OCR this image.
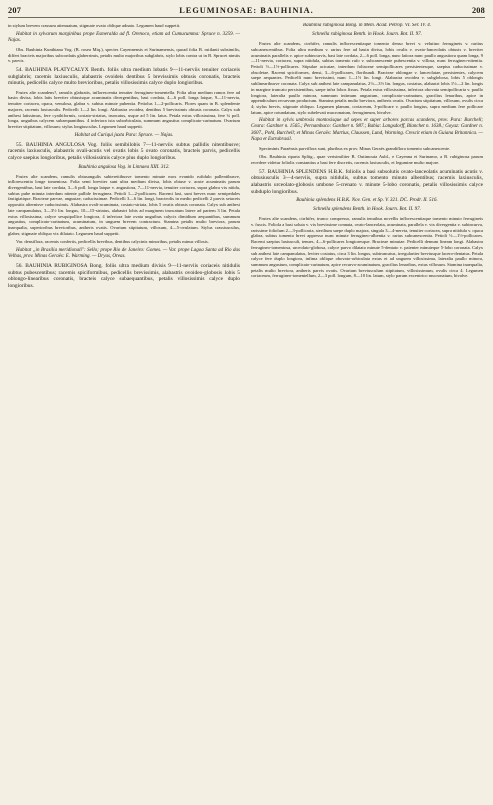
207	LEGUMINOSAE: BAUHINIA.	208

in stylum brevem crassum attenuatum, stigmate ovato oblique adnato. Legumen haud suppetit.

Habitat in sylvarum marginibus prope Esmeralda ad fl. Orenoco, etiam ad Cumucumma: Spruce n. 3259. — Najas.

Obs. Bauhinia Kunthiana Vog. (B. rosea Miq.), species Cayennensis et Surinamensis, quoad folia B. rutilanti subsimilis, differt bracteis majoribus subcordatis glaberrimis, petalis multo majoribus subglabris, stylo lobis contra ut in B. Sprucei nimiis v. parvis.

54. BAUHINIA PLATYCALYX Benth. foliis ultra medium lobatis 9—11-nerviis tenuiter coriaceis subglabris; racemis laxiusculis, alabastris ovoideis dentibus 5 brevissimis obtusis coronatis, bracteis minutis, pedicellis calyce multo brevioribus, petalis villosissimis calyce duplo longioribus.

Frutex alte scandens?, ramulis glabratis, inflorescentia tenuiter ferrugineo-tomentella. Folia ultra medium ramos fere ad basin divisa, lobis latis breviter obtusisque acuminatis divergentibus, basi cordata, 4—6 poll. longa latque, 9—11-nervia, tenuiter coriacea, opaca, venulosa, glabra v. subtus minute pubentia. Petiolus 1—2-pollicaris. Flores quam in B. splendente majores, racemis laxiusculis. Pedicelli 1—2 lin. longi. Alabastra ovoidea, dentibus 5 brevissimis obtusis coronata. Calyx sub anthesi latissimus, fere cyathiformis, costato-striatus, truncatus, usque ad 5 lin. latus. Petala extus villosissima, fere ¾ poll. longa, unguibus calycem subaequantibus. 4 inferiora ista suborbiculata, summum angustius complicato-carinatum. Ovarium breviter stipitatum, villosum; stylus longiusculus. Legumen haud suppetit.

Habitat ad Curiqui juxta Para: Spruce. — Najas.

55. BAUHINIA ANGULOSA Vog. foliis semibilobis 7—11-nerviis subtus pallidis nitentibusve; racemis laxiusculis, alabastris ovali-acutis vel ovatis lobis 5 ovato coronatis, bracteis parvis, pedicellis calyce saepius longioribus, petalis villosissimis calyce plus duplo longioribus.

Bauhinia angulosa Vog. in Linnaea XIII. 312.

Frutex alte scandens, ramulis obtusangulis subtereitibusve tomento minute mox evanido rufidulo pallentibusve, inflorescentia longe tomentosa. Folia semi breviter sunt ultra medium divisa, lobis obtuse v. acute acuminatis parum divergentibus, basi late cordata, 3—6 poll. longa latque v. angustiora, 7—11-nervia, tenuiter coriacea, supra glabra vix nitida, subtus pube minuta interdum nitente pallide ferruginea. Petioli 1—2-pollicares. Racemi laxi, sunt breves nunc semipedales fastigiatique. Bracteae parvae, angustae, caducissimae. Pedicelli 3—6 lin. longi, bracteolis in medio pedicelli 2 parvis setaceis oppositis alternisve caducissimis. Alabastra ovali-acuminata, costato-striata, lobis 5 ovatis obtusis coronata. Calyx sub anthesi late campanulatus, 3—3½ lin. longus, 10—15-striatus, alabastri lobis ad marginem truncatum latere ad partem 3 lin. Petala extus villosissima, calyce sesquipollice longiora, 4 inferiora late ovata unguibus calycis dimidium aequantibus, summum angustius, complicato-carinatum, acuminatum, in unguem brevem contractum. Stamina petalis multo breviora, parum inaequalia, superioribus brevioribus, antheris ovatis. Ovarium stipitatum, villosum, 4—5-ovulatum. Stylus crassiusculus, glaber, stigmate obliquo vix dilatato. Legumen haud suppetit.

Var. densiflora, racemis confertis, pedicellis brevibus, dentibus calycinis minoribus, petalis minus villosis.

Habitat „in Brasilia meridionali": Sello; prope Rio de Janeiro: Gomes. — Var. prope Lagoa Santa ad Rio das Velhas, prov. Minas Geraës: E. Warming. — Dryas, Oreas.

56. BAUHINIA RUBIGINOSA Bong. foliis ultra medium divisis 9—11-nerviis coriaceis nitidulis subtus pubescentibus; racemis spiciformibus, pedicellis brevissimis, alabastris ovoideo-globosis lobis 5 oblongo-linearibus coronatis, bracteis calyce subaequantibus, petalis villosissimis calyce duplo longioribus.

Bauhinia rubiginosa Bong. in Mem. Acad. Petrop. VI. Ser. IV. 4.

Schnella rubiginosa Benth. in Hook. Journ. Bot. II. 97.

Frutex alte scandens, cirrhifer, ramulis inflorescentiaque tomento denso brevi v. velutino ferrugineis v. rariius subcanescentibus. Folia ultra medium v. rarius fere ad basin divisa, lobis ovalis v. ovato-lanceolatis obtusis v. breviter acuminatis parallelis v. apice subincurvis, basi late cordata, 2—6 poll. longa, nunc latiora nunc paullo angustiora quam longa, 9—11-nervia, coriacea, supra nitidula, subtus tomento rufo v. subcanescente pubescentia v. villosa, nunc ferrugineo-nitentia. Petioli ½—1½-pollicares. Stipulae acicatae, interdum foliaceae semipollicares persistentesque, saepius caducissimae v. obsoletae. Racemi spiciformes, densi, 3—6-pollicares, floribundi. Bracteae oblongae v. lanceolatae, persistentes, calycem saepe aequantes. Pedicelli nunc brevissimi, nunc 1—1½ lin. longi. Alabastra ovoidea v. subglobosa, lobis 5 oblongis sublinearibusve coronata. Calyx sub anthesi late campanulatus, 2½—3½ lin. longus, costatus, alabastri lobis 1½—2 lin. longis in margine truncato persistentibus, saepe infra lobos fissus. Petala extus villosissima, inferiora obovata semipollicaria v. paullo longiora, lateralia paullo minora, summum intimum angustum, complicato-carinatum, gracilius lenaribus, apice in appendiculum recurvum productum. Stamina petalis multo breviora, antheris ovatis. Ovarium stipitatum, villosum, ovulis circa 4; stylus brevis, stigmate obliquo. Legumen planum, coriaceum, 3-pollicare v. paullo longius, supra medium fere pollicare latum, apice rotundatum, stylo subelevati mucronatum, ferrugineum, bivalve.

Habitat in sylvis umbrosis montosisque ad sepes et super arbores parcas scandens, prov. Para: Burchell; Ceara: Gardner n. 1565.; Pernambuco: Gardner n. 987.; Bahia: Langsdorff, Blanchet n. 1638.; Goyaz: Gardner n. 3607., Pohl, Burchell; et Minas Geraës: Martius, Claussen, Lund, Warming. Crescit etiam in Guiana Britannica. — Napa et Extrabrasil.

Speciminis Paraënsis parviflora sunt, pluribus ex prov. Minas Geraës grandiflora tomento subcanescente.

Obs. Bauhinia riparia Splitg., quae verisimiliter B. Outimouta Aubl., e Cayenna et Surinamo, a B. rubiginosa parum recedere videtur foliolis constantius a basi fere discretis, racemis laxiusculis, et legumine multo majore.

57. BAUHINIA SPLENDENS H.B.K. foliolis a basi subsolutis ovato-lanceolatis acuminatis acutis v. obtusiusculis 3—4-nerviis, supra nitidulis, subtus tomento minuto albentibus; racemis laxiusculis, alabastris urceolato-globosis umbone 5-crenato v. minute 5-lobo coronatis, petalis villosissimis calyce subduplo longioribus.

Bauhinia splendens H.B.K. Nov. Gen. et Sp. V. 321. DC. Prodr. II. 516.

Schnella splendens Benth. in Hook. Journ. Bot. II. 97.

Frutex alte scandens, cirrhifer, trunco compresso, ramulis tenuibus novellis inflorescentiaque tomento minuto ferrugineis v. fuscis. Foliola a basi soluta v. vix brevissime connata, ovato-lanceolata, acuminata, parallela v. vix divergentia v. subincurva, rarissime foliolum 2—3-pollicaria, sterilium saepe duplo majora, singula 3—4-nervia, tenuiter coriacea, supra nitidula v. opaca glabra, subtus tomento brevi appresso nunc minute ferrugineo-albentia v. rarius subcanescentia. Petioli ½—1½-pollicares. Racemi saepius laxiusculi, tenues, 4—6-pollicares longioresque. Bracteae minutae. Pedicelli demum lineam longi. Alabastra ferrugineo-tomentosa, urceolato-globosa, calyce parvo dilatato minute 5-dentato v. paienter minuteque 5-lobo coronata. Calyx sub anthesi late campanulatus, leviter costatus, circa 3 lin. longus, subtruncatus, irregulariter breviusque lacero-dentatus. Petala calyce fere duplo longiora, infima oblique obovato-orbiculata extus et ad unguem villosissima, lateralia paullo minora, summum angustum, complicato-carinatum, apice recurvo-acuminatum, gracilius lenaribus, extus villosum. Stamina inaequalia, petalis multo breviora, antheris parvis ovatis. Ovarium breviusculum stipitatum, villosissimum, ovulis circa 4. Legumen coriaceum, ferrugineo-tomentellum, 2—3 poll. longum, 8—10 lin. latum, stylo parum excentrico mucronatum, bivalve.
